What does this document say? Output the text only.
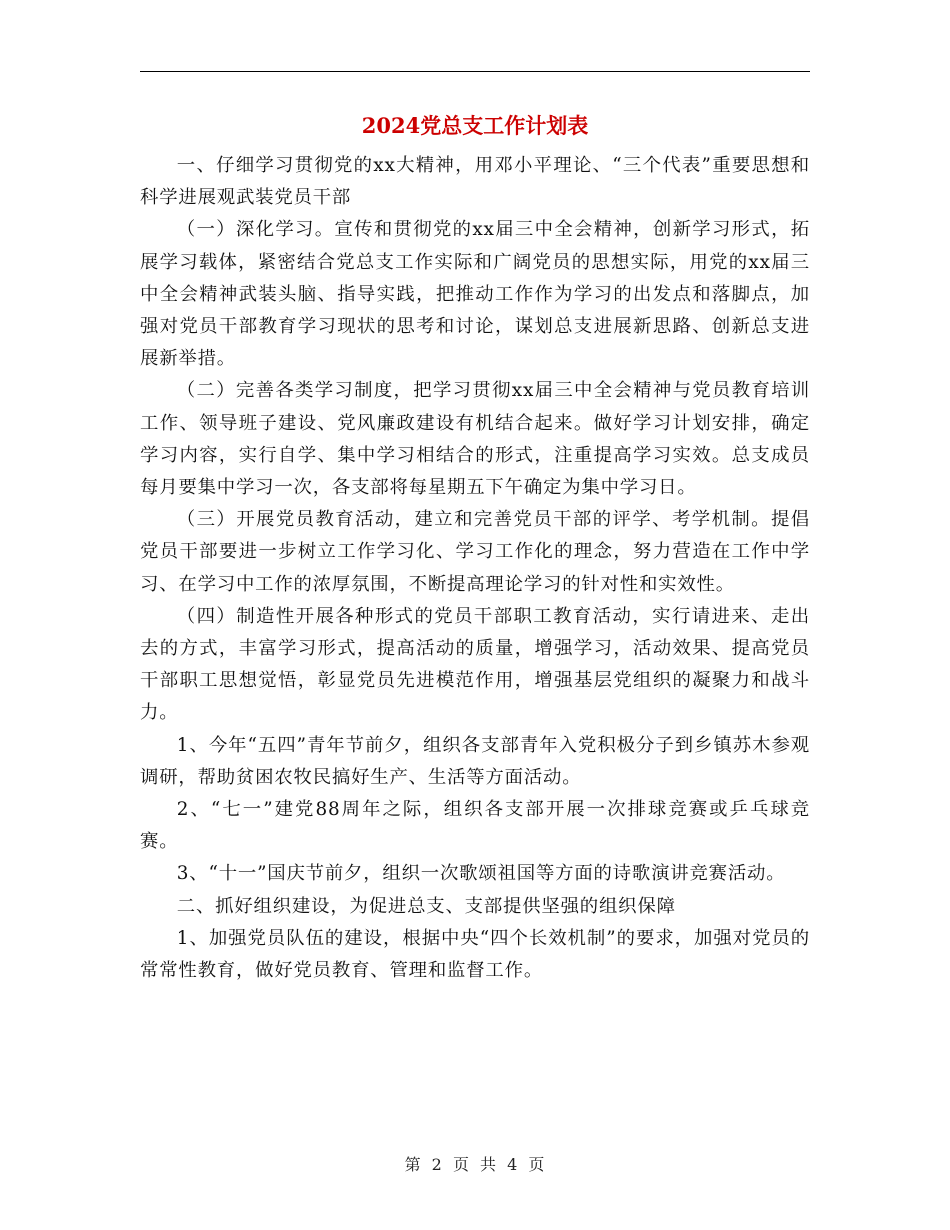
2024党总支工作计划表

一、仔细学习贯彻党的xx大精神，用邓小平理论、“三个代表”重要思想和科学进展观武装党员干部

（一）深化学习。宣传和贯彻党的xx届三中全会精神，创新学习形式，拓展学习载体，紧密结合党总支工作实际和广阔党员的思想实际，用党的xx届三中全会精神武装头脑、指导实践，把推动工作作为学习的出发点和落脚点，加强对党员干部教育学习现状的思考和讨论，谋划总支进展新思路、创新总支进展新举措。

（二）完善各类学习制度，把学习贯彻xx届三中全会精神与党员教育培训工作、领导班子建设、党风廉政建设有机结合起来。做好学习计划安排，确定学习内容，实行自学、集中学习相结合的形式，注重提高学习实效。总支成员每月要集中学习一次，各支部将每星期五下午确定为集中学习日。

（三）开展党员教育活动，建立和完善党员干部的评学、考学机制。提倡党员干部要进一步树立工作学习化、学习工作化的理念，努力营造在工作中学习、在学习中工作的浓厚氛围，不断提高理论学习的针对性和实效性。

（四）制造性开展各种形式的党员干部职工教育活动，实行请进来、走出去的方式，丰富学习形式，提高活动的质量，增强学习，活动效果、提高党员干部职工思想觉悟，彰显党员先进模范作用，增强基层党组织的凝聚力和战斗力。

1、今年“五四”青年节前夕，组织各支部青年入党积极分子到乡镇苏木参观调研，帮助贫困农牧民搞好生产、生活等方面活动。

2、“七一”建党88周年之际，组织各支部开展一次排球竞赛或乒乓球竞赛。

3、“十一”国庆节前夕，组织一次歌颂祖国等方面的诗歌演讲竞赛活动。

二、抓好组织建设，为促进总支、支部提供坚强的组织保障

1、加强党员队伍的建设，根据中央“四个长效机制”的要求，加强对党员的常常性教育，做好党员教育、管理和监督工作。

第 2 页 共 4 页
